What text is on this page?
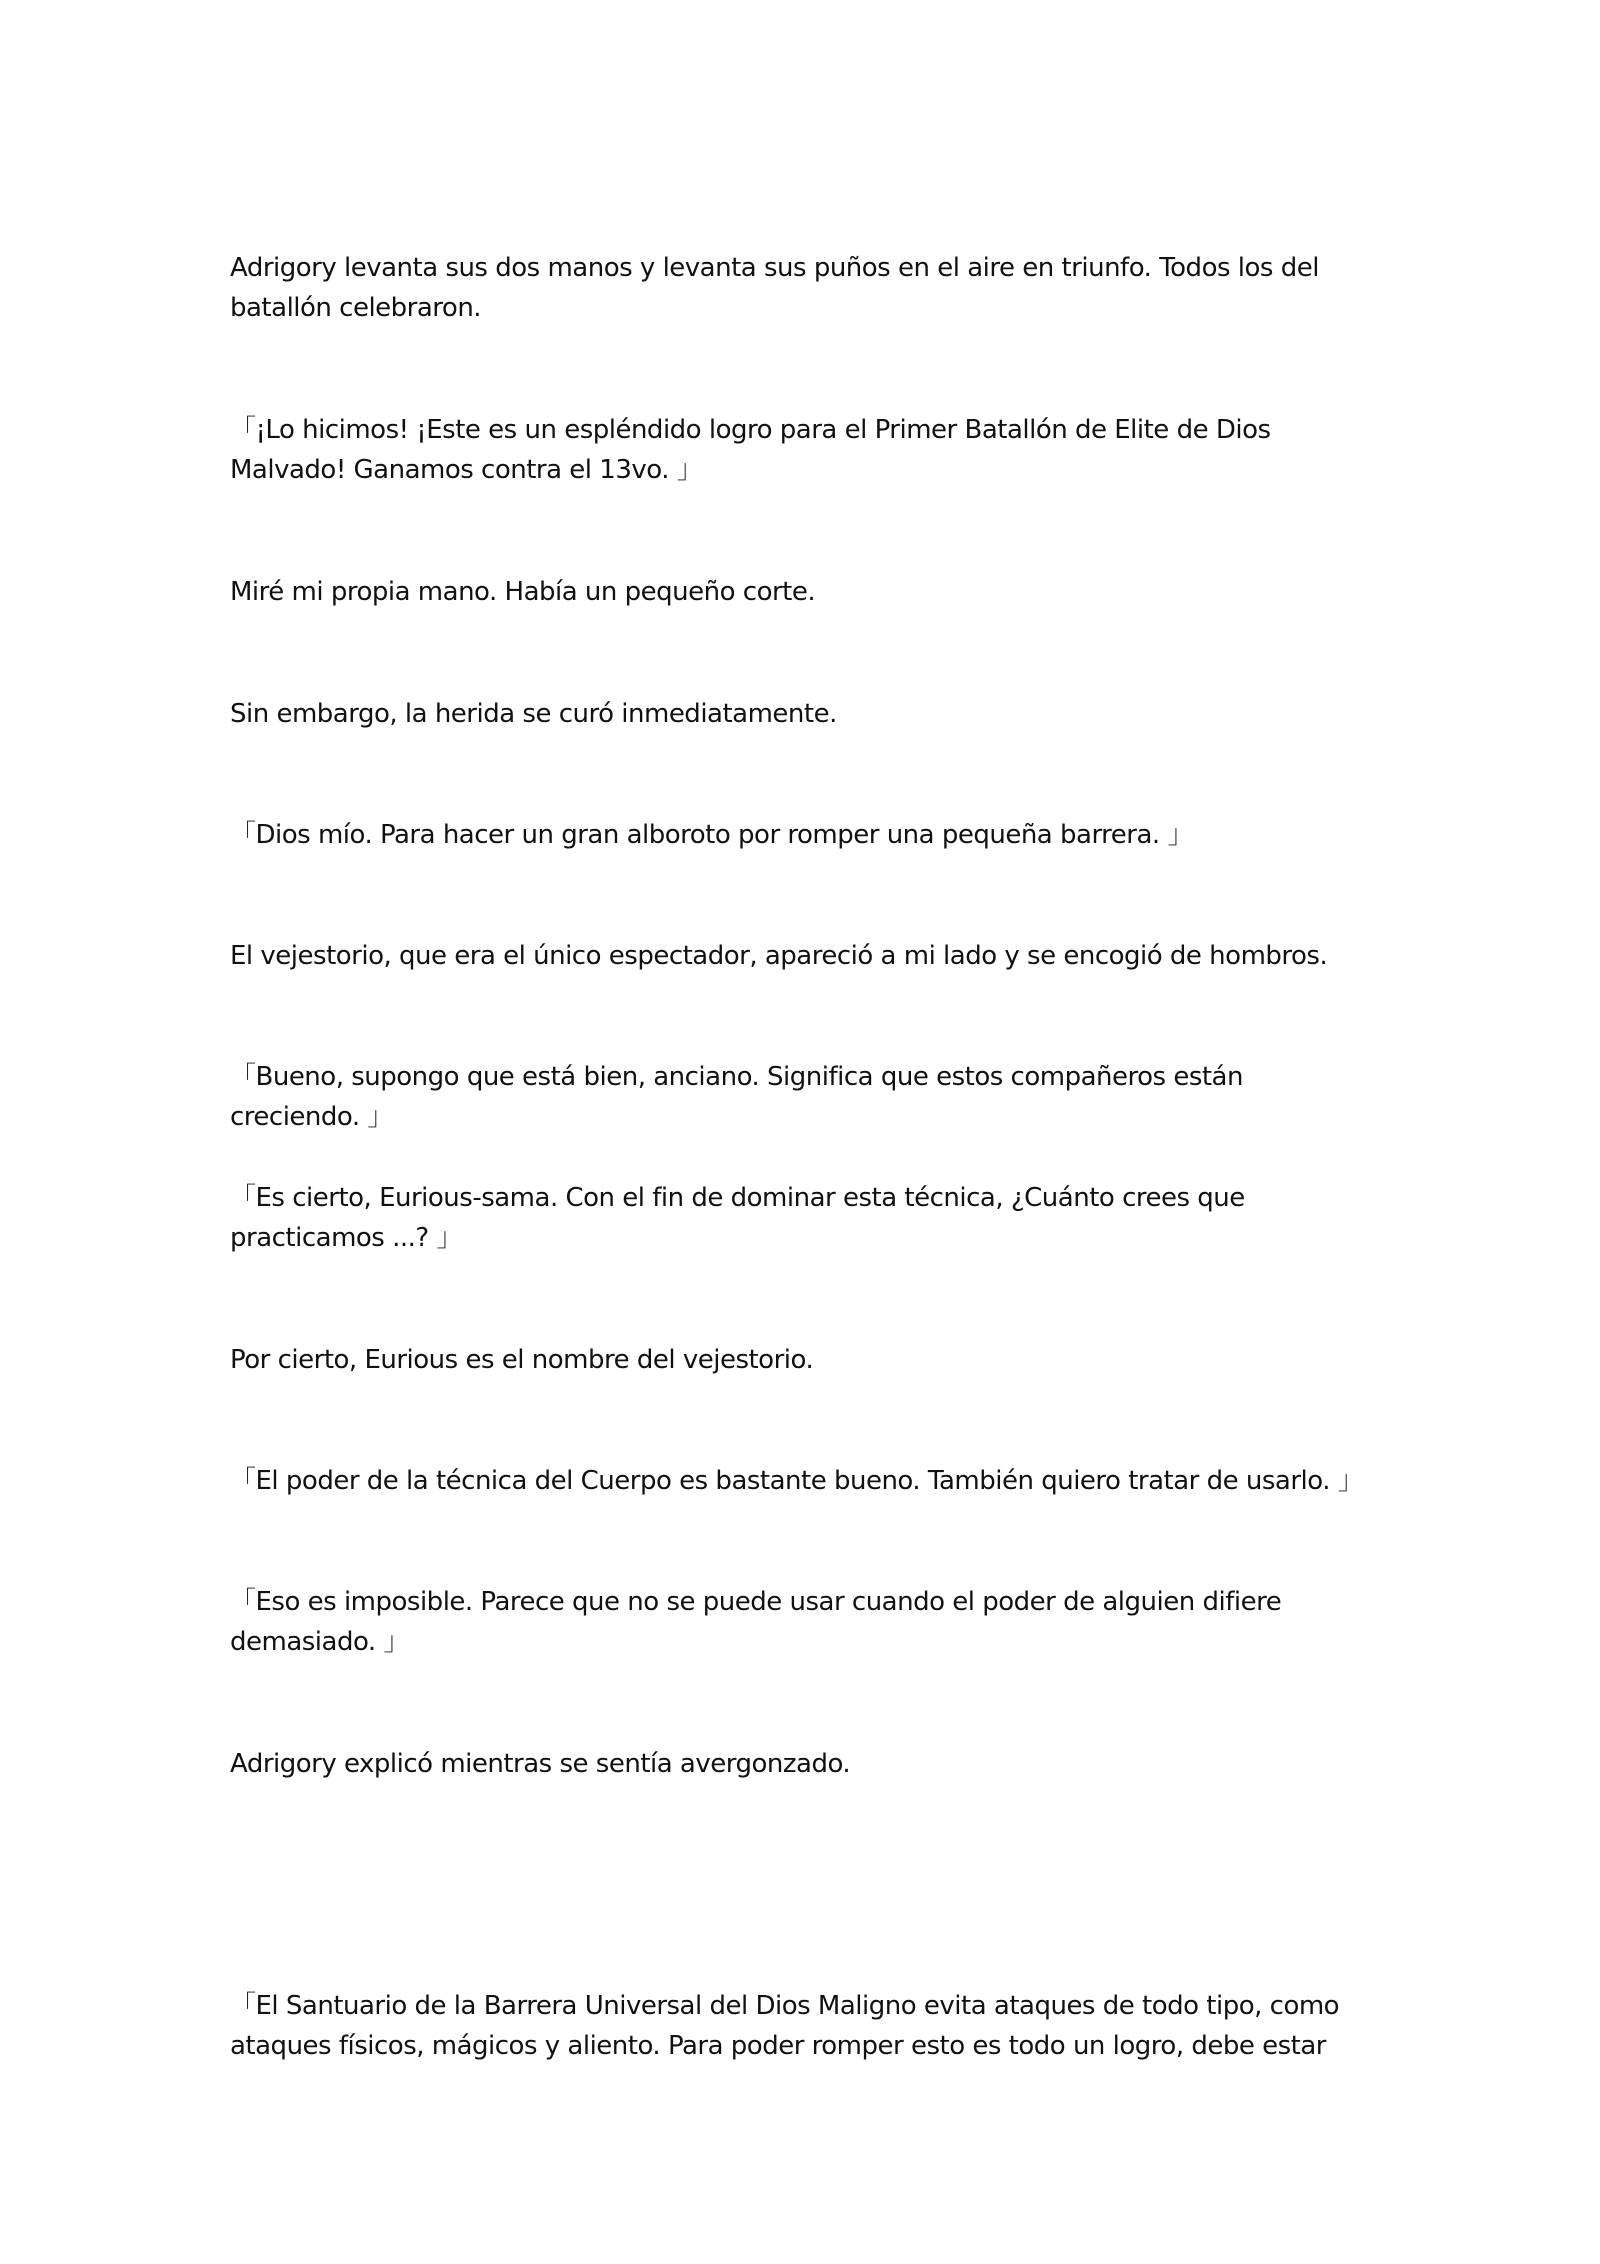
Adrigory levanta sus dos manos y levanta sus puños en el aire en triunfo. Todos los del batallón celebraron.

「¡Lo hicimos! ¡Este es un espléndido logro para el Primer Batallón de Elite de Dios Malvado! Ganamos contra el 13vo. 」

Miré mi propia mano. Había un pequeño corte.

Sin embargo, la herida se curó inmediatamente.

「Dios mío. Para hacer un gran alboroto por romper una pequeña barrera. 」

El vejestorio, que era el único espectador, apareció a mi lado y se encogió de hombros.

「Bueno, supongo que está bien, anciano. Significa que estos compañeros están creciendo. 」

「Es cierto, Eurious-sama. Con el fin de dominar esta técnica, ¿Cuánto crees que practicamos ...? 」

Por cierto, Eurious es el nombre del vejestorio.

「El poder de la técnica del Cuerpo es bastante bueno. También quiero tratar de usarlo. 」

「Eso es imposible. Parece que no se puede usar cuando el poder de alguien difiere demasiado. 」

Adrigory explicó mientras se sentía avergonzado.

「El Santuario de la Barrera Universal del Dios Maligno evita ataques de todo tipo, como ataques físicos, mágicos y aliento. Para poder romper esto es todo un logro, debe estar
